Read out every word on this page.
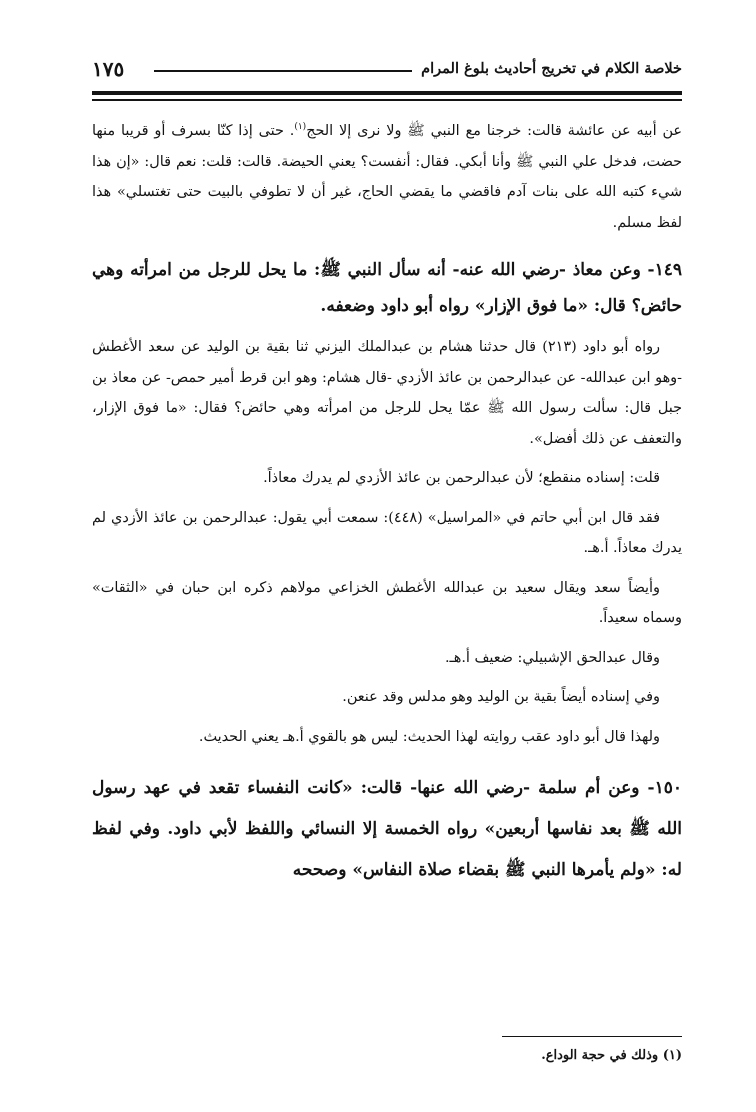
١٧٥	خلاصة الكلام في تخريج أحاديث بلوغ المرام

عن أبيه عن عائشة قالت: خرجنا مع النبي ﷺ ولا نرى إلا الحج$^{(١)}$. حتى إذا كنّا بسرف أو قريبا منها حضت، فدخل علي النبي ﷺ وأنا أبكي. فقال: أنفست؟ يعني الحيضة. قالت: قلت: نعم قال: «إن هذا شيء كتبه الله على بنات آدم فاقضي ما يقضي الحاج، غير أن لا تطوفي بالبيت حتى تغتسلي» هذا لفظ مسلم.

١٤٩- وعن معاذ -رضي الله عنه- أنه سأل النبي ﷺ: ما يحل للرجل من امرأته وهي حائض؟ قال: «ما فوق الإزار» رواه أبو داود وضعفه.

رواه أبو داود (٢١٣) قال حدثنا هشام بن عبدالملك اليزني ثنا بقية بن الوليد عن سعد الأغطش -وهو ابن عبدالله- عن عبدالرحمن بن عائذ الأزدي -قال هشام: وهو ابن قرط أمير حمص- عن معاذ بن جبل قال: سألت رسول الله ﷺ عمّا يحل للرجل من امرأته وهي حائض؟ فقال: «ما فوق الإزار، والتعفف عن ذلك أفضل».

قلت: إسناده منقطع؛ لأن عبدالرحمن بن عائذ الأزدي لم يدرك معاذاً.

فقد قال ابن أبي حاتم في «المراسيل» (٤٤٨): سمعت أبي يقول: عبدالرحمن بن عائذ الأزدي لم يدرك معاذاً. أ.هـ.

وأيضاً سعد ويقال سعيد بن عبدالله الأغطش الخزاعي مولاهم ذكره ابن حبان في «الثقات» وسماه سعيداً.

وقال عبدالحق الإشبيلي: ضعيف أ.هـ.

وفي إسناده أيضاً بقية بن الوليد وهو مدلس وقد عنعن.

ولهذا قال أبو داود عقب روايته لهذا الحديث: ليس هو بالقوي أ.هـ يعني الحديث.

١٥٠- وعن أم سلمة -رضي الله عنها- قالت: «كانت النفساء تقعد في عهد رسول الله ﷺ بعد نفاسها أربعين» رواه الخمسة إلا النسائي واللفظ لأبي داود. وفي لفظ له: «ولم يأمرها النبي ﷺ بقضاء صلاة النفاس» وصححه

(١) وذلك في حجة الوداع.
